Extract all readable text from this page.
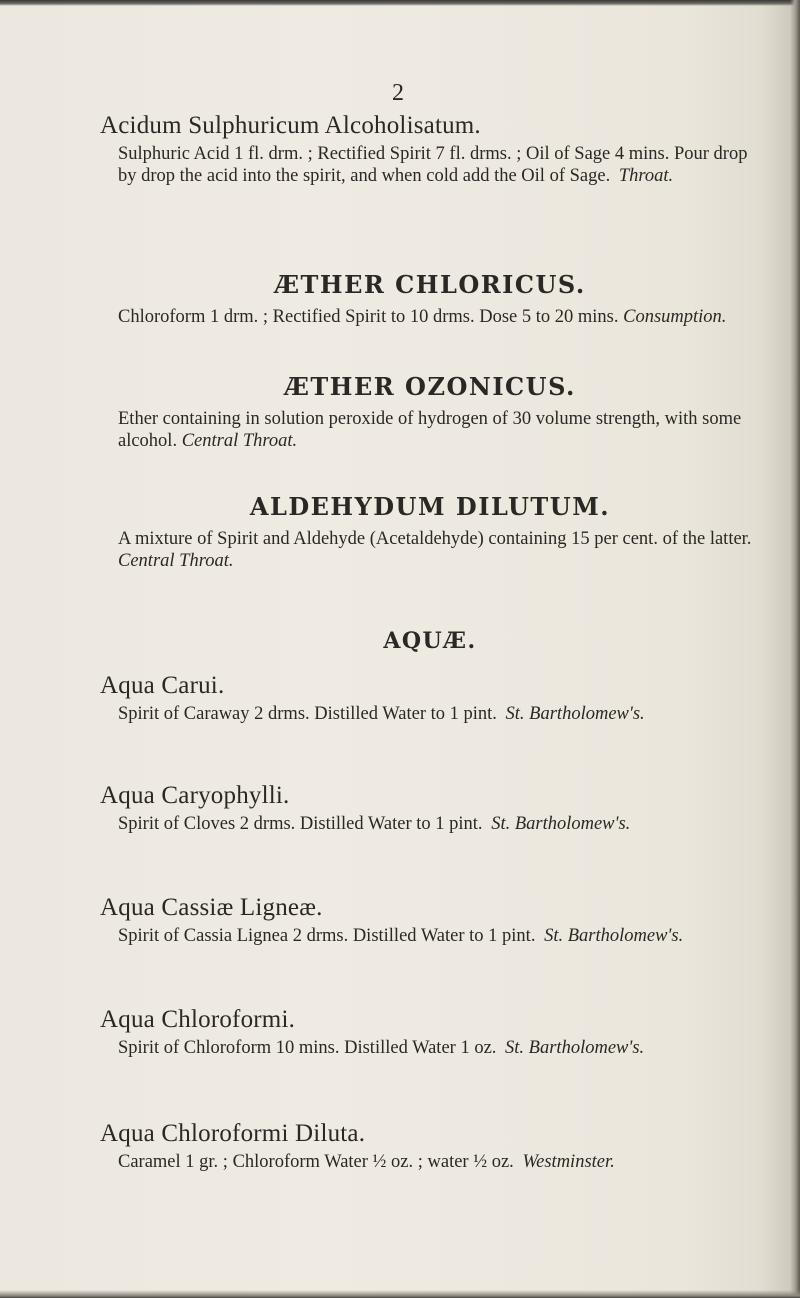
2
Acidum Sulphuricum Alcoholisatum.

Sulphuric Acid 1 fl. drm. ; Rectified Spirit 7 fl. drms. ; Oil of Sage 4 mins. Pour drop by drop the acid into the spirit, and when cold add the Oil of Sage. Throat.

ÆTHER CHLORICUS.

Chloroform 1 drm. ; Rectified Spirit to 10 drms. Dose 5 to 20 mins. Consumption.

ÆTHER OZONICUS.

Ether containing in solution peroxide of hydrogen of 30 volume strength, with some alcohol. Central Throat.

ALDEHYDUM DILUTUM.

A mixture of Spirit and Aldehyde (Acetaldehyde) containing 15 per cent. of the latter. Central Throat.

AQUÆ.
Aqua Carui.

Spirit of Caraway 2 drms. Distilled Water to 1 pint. St. Bartholomew's.

Aqua Caryophylli.

Spirit of Cloves 2 drms. Distilled Water to 1 pint. St. Bartholomew's.

Aqua Cassiæ Ligneæ.

Spirit of Cassia Lignea 2 drms. Distilled Water to 1 pint. St. Bartholomew's.

Aqua Chloroformi.

Spirit of Chloroform 10 mins. Distilled Water 1 oz. St. Bartholomew's.

Aqua Chloroformi Diluta.

Caramel 1 gr. ; Chloroform Water ½ oz. ; water ½ oz. Westminster.
